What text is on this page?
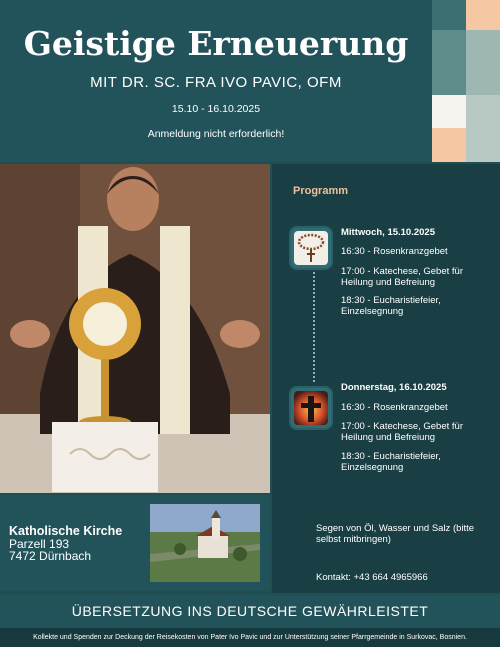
Geistige Erneuerung
MIT DR. SC. FRA IVO PAVIC, OFM
15.10 - 16.10.2025
Anmeldung nicht erforderlich!
Programm
Mittwoch, 15.10.2025
16:30 - Rosenkranzgebet
17:00 - Katechese, Gebet für Heilung und Befreiung
18:30 - Eucharistiefeier, Einzelsegnung
Donnerstag, 16.10.2025
16:30 - Rosenkranzgebet
17:00 - Katechese, Gebet für Heilung und Befreiung
18:30 - Eucharistiefeier, Einzelsegnung
Katholische Kirche
Parzell 193
7472 Dürnbach
Segen von Öl, Wasser und Salz (bitte selbst mitbringen)
Kontakt: +43 664 4965966
ÜBERSETZUNG INS DEUTSCHE GEWÄHRLEISTET
Kollekte und Spenden zur Deckung der Reisekosten von Pater Ivo Pavic und zur Unterstützung seiner Pfarrgemeinde in Surkovac, Bosnien.
